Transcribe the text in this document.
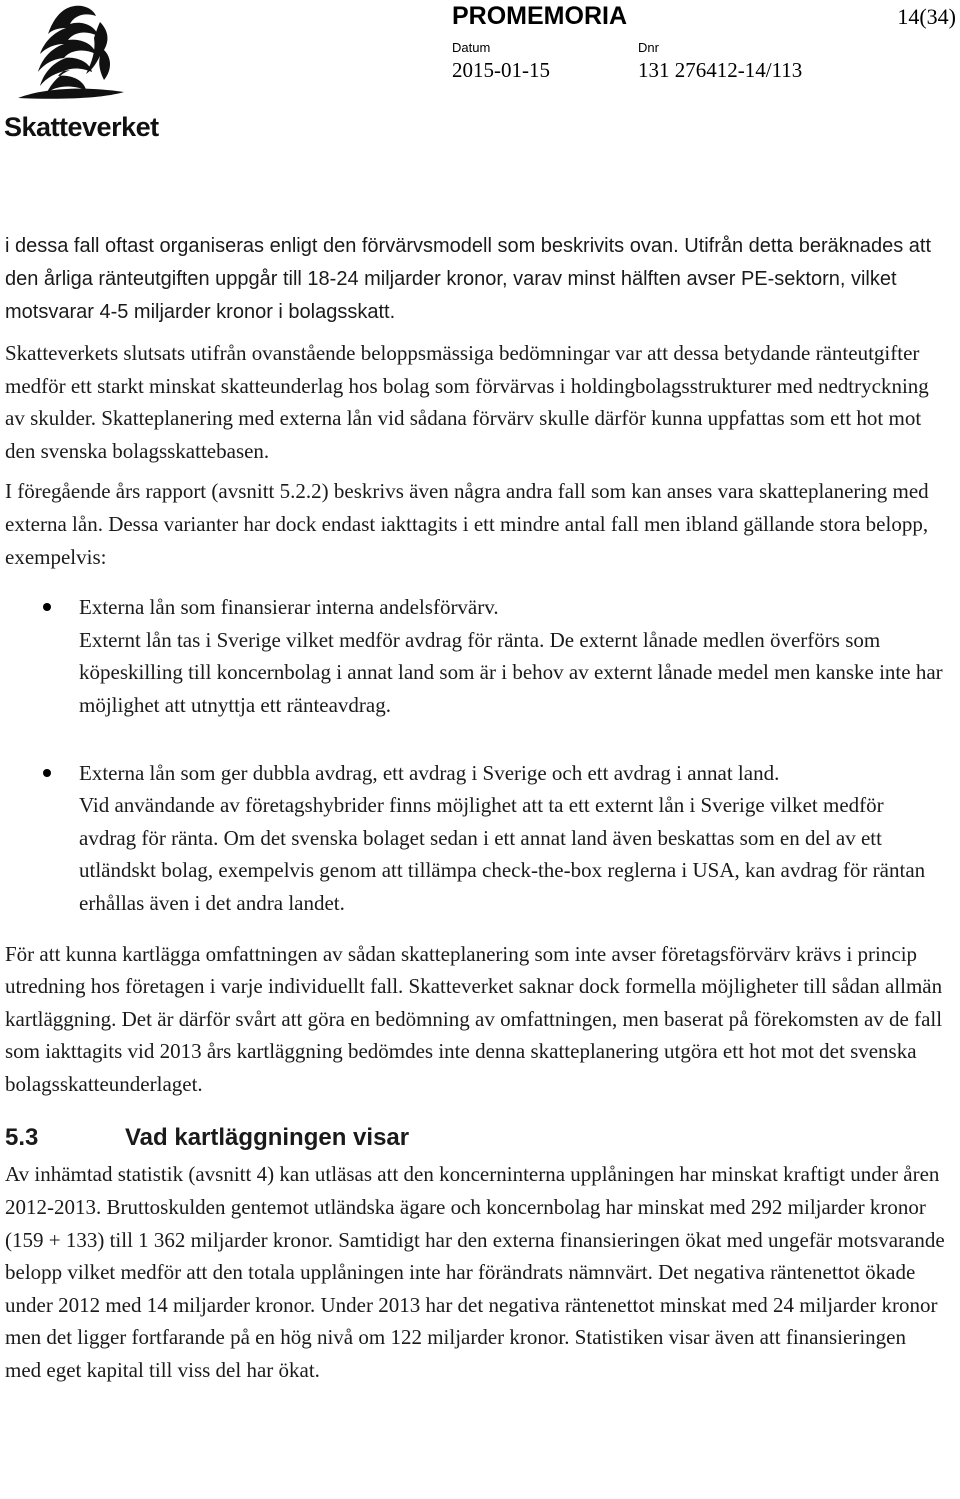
Skatteverket
PROMEMORIA	14(34)
Datum
2015-01-15
Dnr
131 276412-14/113

i dessa fall oftast organiseras enligt den förvärvsmodell som beskrivits ovan. Utifrån detta beräknades att den årliga ränteutgiften uppgår till 18-24 miljarder kronor, varav minst hälften avser PE-sektorn, vilket motsvarar 4-5 miljarder kronor i bolagsskatt.

Skatteverkets slutsats utifrån ovanstående beloppsmässiga bedömningar var att dessa betydande ränteutgifter medför ett starkt minskat skatteunderlag hos bolag som förvärvas i holdingbolagsstrukturer med nedtryckning av skulder. Skatteplanering med externa lån vid sådana förvärv skulle därför kunna uppfattas som ett hot mot den svenska bolagsskattebasen.

I föregående års rapport (avsnitt 5.2.2) beskrivs även några andra fall som kan anses vara skatteplanering med externa lån. Dessa varianter har dock endast iakttagits i ett mindre antal fall men ibland gällande stora belopp, exempelvis:

Externa lån som finansierar interna andelsförvärv.
Externt lån tas i Sverige vilket medför avdrag för ränta. De externt lånade medlen överförs som köpeskilling till koncernbolag i annat land som är i behov av externt lånade medel men kanske inte har möjlighet att utnyttja ett ränteavdrag.
Externa lån som ger dubbla avdrag, ett avdrag i Sverige och ett avdrag i annat land.
Vid användande av företagshybrider finns möjlighet att ta ett externt lån i Sverige vilket medför avdrag för ränta. Om det svenska bolaget sedan i ett annat land även beskattas som en del av ett utländskt bolag, exempelvis genom att tillämpa check-the-box reglerna i USA, kan avdrag för räntan erhållas även i det andra landet.

För att kunna kartlägga omfattningen av sådan skatteplanering som inte avser företagsförvärv krävs i princip utredning hos företagen i varje individuellt fall. Skatteverket saknar dock formella möjligheter till sådan allmän kartläggning. Det är därför svårt att göra en bedömning av omfattningen, men baserat på förekomsten av de fall som iakttagits vid 2013 års kartläggning bedömdes inte denna skatteplanering utgöra ett hot mot det svenska bolagsskatteunderlaget.

5.3	Vad kartläggningen visar

Av inhämtad statistik (avsnitt 4) kan utläsas att den koncerninterna upplåningen har minskat kraftigt under åren 2012-2013. Bruttoskulden gentemot utländska ägare och koncernbolag har minskat med 292 miljarder kronor (159 + 133) till 1 362 miljarder kronor. Samtidigt har den externa finansieringen ökat med ungefär motsvarande belopp vilket medför att den totala upplåningen inte har förändrats nämnvärt. Det negativa räntenettot ökade under 2012 med 14 miljarder kronor. Under 2013 har det negativa räntenettot minskat med 24 miljarder kronor men det ligger fortfarande på en hög nivå om 122 miljarder kronor. Statistiken visar även att finansieringen med eget kapital till viss del har ökat.
